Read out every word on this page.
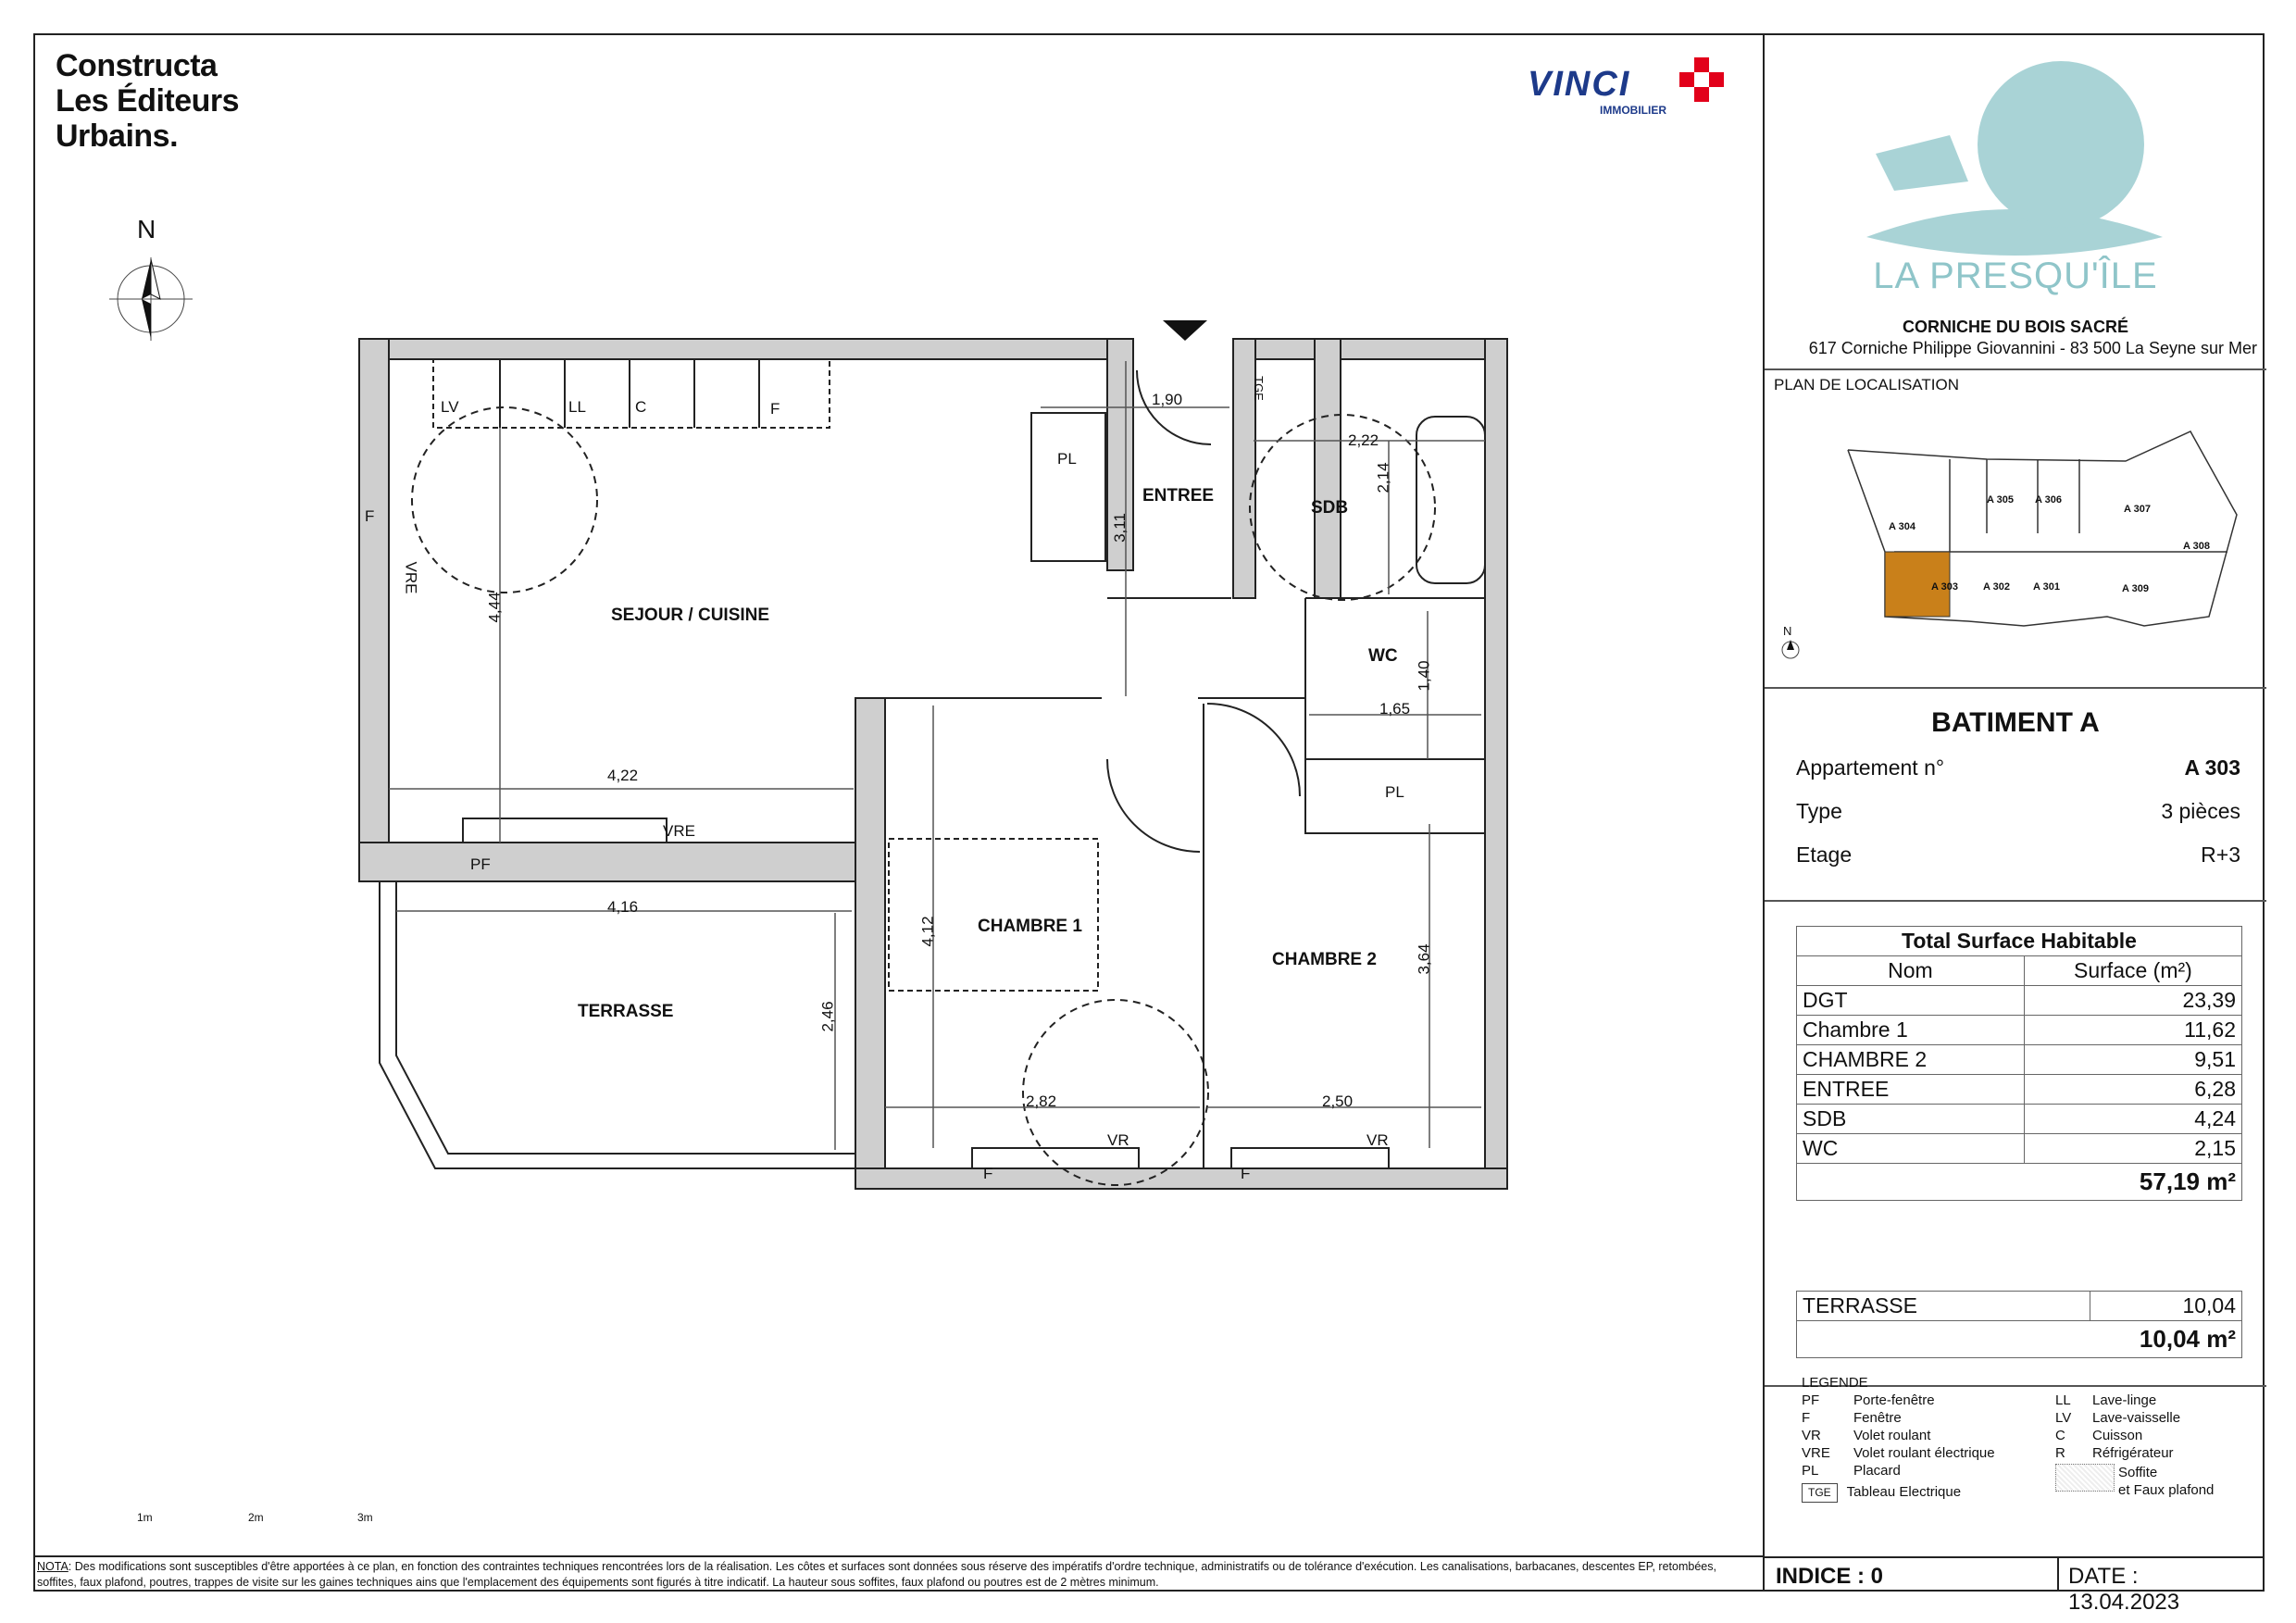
Constructa
Les Éditeurs
Urbains.
VINCI
IMMOBILIER
N
SEJOUR / CUISINE
ENTREE
SDB
WC
CHAMBRE 1
CHAMBRE 2
TERRASSE
LV	LL	C	F
F
VRE
VRE
PF
PL
PL
TGE
VR	VR
F	F
1,90
3,11
2,22
2,14
4,44
4,22
1,40
1,65
4,16
2,46
4,12
3,64
2,82	2,50
1m	2m	3m
LA PRESQU'ÎLE
CORNICHE DU BOIS SACRÉ
617 Corniche Philippe Giovannini - 83 500 La Seyne sur Mer
PLAN DE LOCALISATION
A 304
A 305 A 306
A 307
A 308
A 303 A 302 A 301	A 309
N
BATIMENT A
Appartement n°	A 303
Type	3 pièces
Etage	R+3
Total Surface Habitable	
Nom	Surface (m²)
DGT	23,39
Chambre 1	11,62
CHAMBRE 2	9,51
ENTREE	6,28
SDB	4,24
WC	2,15
57,19 m²	
TERRASSE	10,04
10,04 m²
LEGENDE
PF	Porte-fenêtre
F	Fenêtre
VR	Volet roulant
VRE	Volet roulant électrique
PL	Placard
TGE	Tableau Electrique
LL	Lave-linge
LV	Lave-vaisselle
C	Cuisson
R	Réfrigérateur
Soffite
et Faux plafond
NOTA: Des modifications sont susceptibles d'être apportées à ce plan, en fonction des contraintes techniques rencontrées lors de la réalisation. Les côtes et surfaces sont données sous réserve des impératifs d'ordre technique, administratifs ou de tolérance d'exécution. Les canalisations, barbacanes, descentes EP, retombées, soffites, faux plafond, poutres, trappes de visite sur les gaines techniques ains que l'emplacement des équipements sont figurés à titre indicatif. La hauteur sous soffites, faux plafond ou poutres est de 2 mètres minimum.	INDICE : 0	DATE : 13.04.2023
